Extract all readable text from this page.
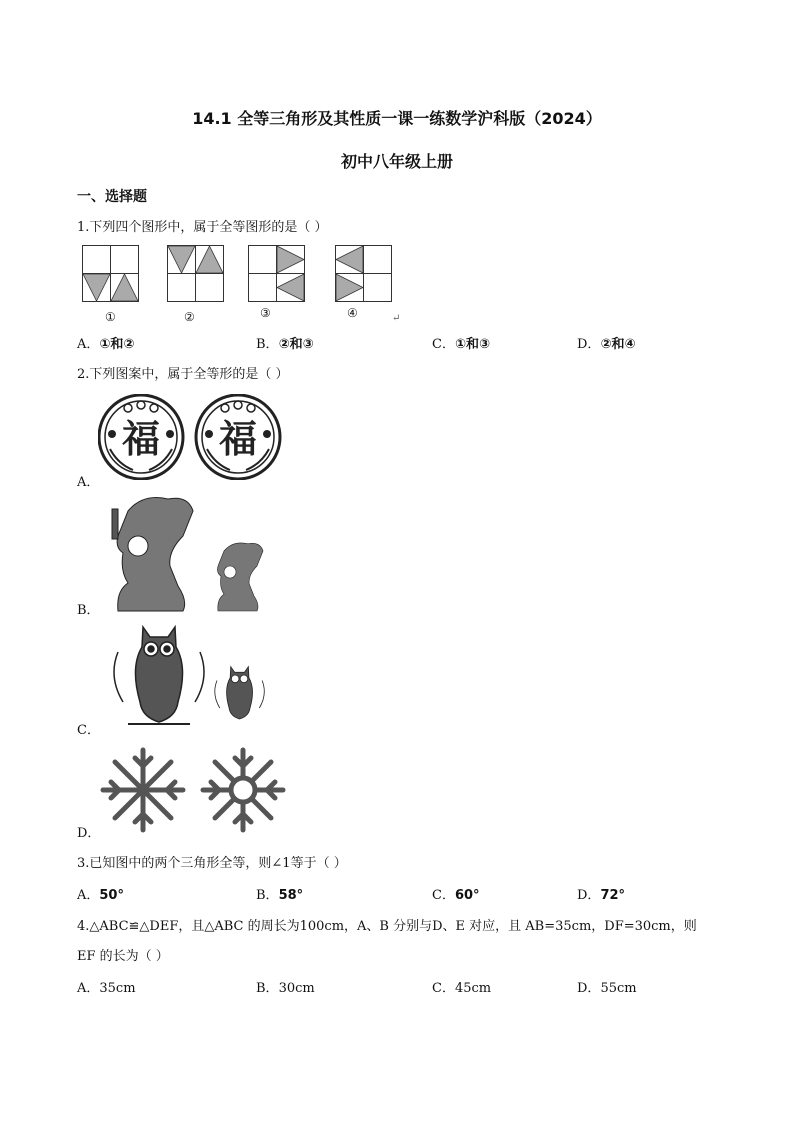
14.1 全等三角形及其性质一课一练数学沪科版（2024）
初中八年级上册
一、选择题
1.下列四个图形中，属于全等图形的是（ ）
①	②	③	④	↵
A．①和②	B．②和③	C．①和③	D．②和④
2.下列图案中，属于全等形的是（ ）
福 福
A．
B．
C．
D．
3.已知图中的两个三角形全等，则∠1等于（ ）
A．50°	B．58°	C．60°	D．72°
4.△ABC≌△DEF，且△ABC 的周长为100cm，A、B 分别与D、E 对应，且 AB=35cm，DF=30cm，则
EF 的长为（ ）
A．35cm	B．30cm	C．45cm	D．55cm
